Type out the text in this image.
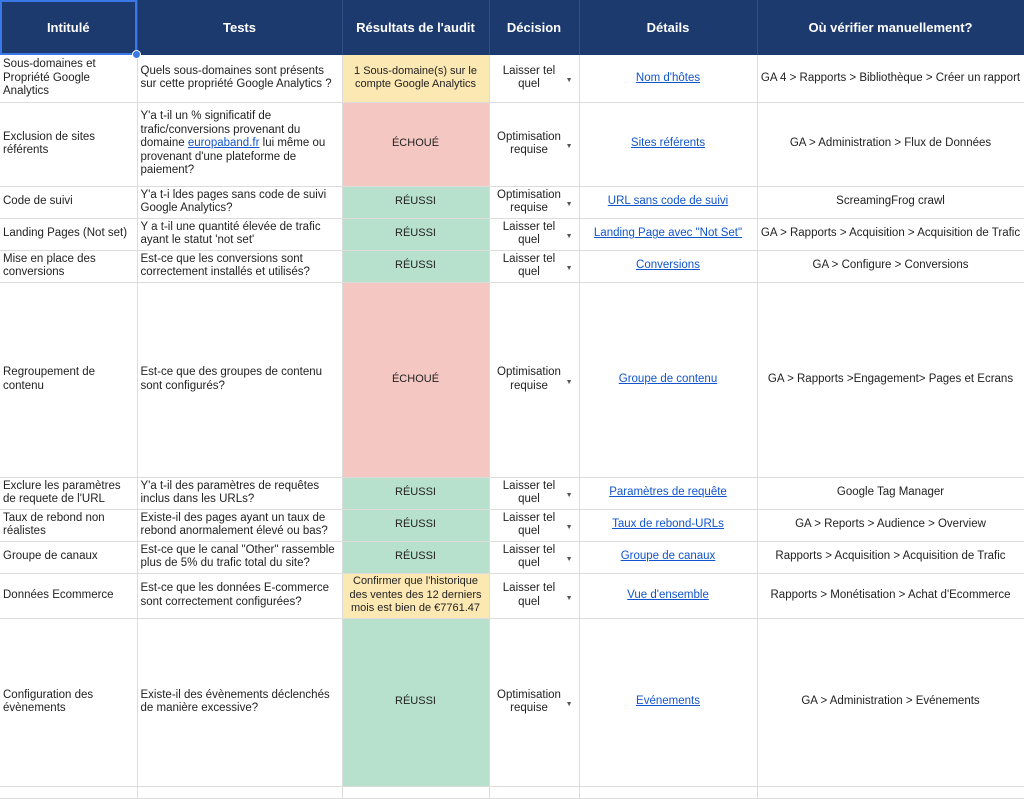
Intitulé	Tests	Résultats de l'audit	Décision	Détails	Où vérifier manuellement?
Sous-domaines et Propriété Google Analytics	Quels sous-domaines sont présents sur cette propriété Google Analytics ?	1 Sous-domaine(s) sur le compte Google Analytics	Laisser tel quel ▼	Nom d'hôtes	GA 4 > Rapports > Bibliothèque > Créer un rapport
Exclusion de sites référents	Y'a t-il un % significatif de trafic/conversions provenant du domaine europaband.fr lui même ou provenant d'une plateforme de paiement?	ÉCHOUÉ	Optimisation requise ▼	Sites référents	GA > Administration > Flux de Données
Code de suivi	Y'a t-i ldes pages sans code de suivi Google Analytics?	RÉUSSI	Optimisation requise ▼	URL sans code de suivi	ScreamingFrog crawl
Landing Pages (Not set)	Y a t-il une quantité élevée de trafic ayant le statut 'not set'	RÉUSSI	Laisser tel quel ▼	Landing Page avec "Not Set"	GA > Rapports > Acquisition > Acquisition de Trafic
Mise en place des conversions	Est-ce que les conversions sont correctement installés et utilisés?	RÉUSSI	Laisser tel quel ▼	Conversions	GA > Configure > Conversions
Regroupement de contenu	Est-ce que des groupes de contenu sont configurés?	ÉCHOUÉ	Optimisation requise ▼	Groupe de contenu	GA > Rapports >Engagement> Pages et Ecrans
Exclure les paramètres de requete de l'URL	Y'a t-il des paramètres de requêtes inclus dans les URLs?	RÉUSSI	Laisser tel quel ▼	Paramètres de requête	Google Tag Manager
Taux de rebond non réalistes	Existe-il des pages ayant un taux de rebond anormalement élevé ou bas?	RÉUSSI	Laisser tel quel ▼	Taux de rebond-URLs	GA > Reports > Audience > Overview
Groupe de canaux	Est-ce que le canal "Other" rassemble plus de 5% du trafic total du site?	RÉUSSI	Laisser tel quel ▼	Groupe de canaux	Rapports > Acquisition > Acquisition de Trafic
Données Ecommerce	Est-ce que les données E-commerce sont correctement configurées?	Confirmer que l'historique des ventes des 12 derniers mois est bien de €7761.47	Laisser tel quel ▼	Vue d'ensemble	Rapports > Monétisation > Achat d'Ecommerce
Configuration des évènements	Existe-il des évènements déclenchés de manière excessive?	RÉUSSI	Optimisation requise ▼	Evénements	GA > Administration > Evénements
